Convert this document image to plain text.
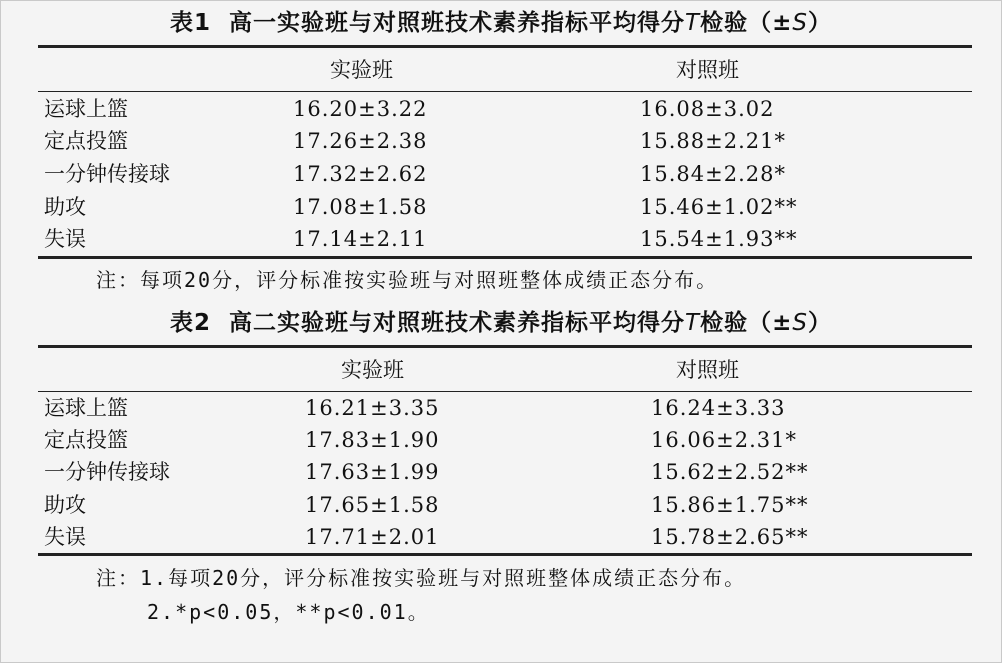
表1 高一实验班与对照班技术素养指标平均得分T检验（±S）
实验班	对照班
运球上篮	16.20±3.22	16.08±3.02
定点投篮	17.26±2.38	15.88±2.21*
一分钟传接球	17.32±2.62	15.84±2.28*
助攻	17.08±1.58	15.46±1.02**
失误	17.14±2.11	15.54±1.93**
注：每项20分，评分标准按实验班与对照班整体成绩正态分布。
表2 高二实验班与对照班技术素养指标平均得分T检验（±S）
实验班	对照班
运球上篮	16.21±3.35	16.24±3.33
定点投篮	17.83±1.90	16.06±2.31*
一分钟传接球	17.63±1.99	15.62±2.52**
助攻	17.65±1.58	15.86±1.75**
失误	17.71±2.01	15.78±2.65**
注：1.每项20分，评分标准按实验班与对照班整体成绩正态分布。
2.*p<0.05，**p<0.01。
